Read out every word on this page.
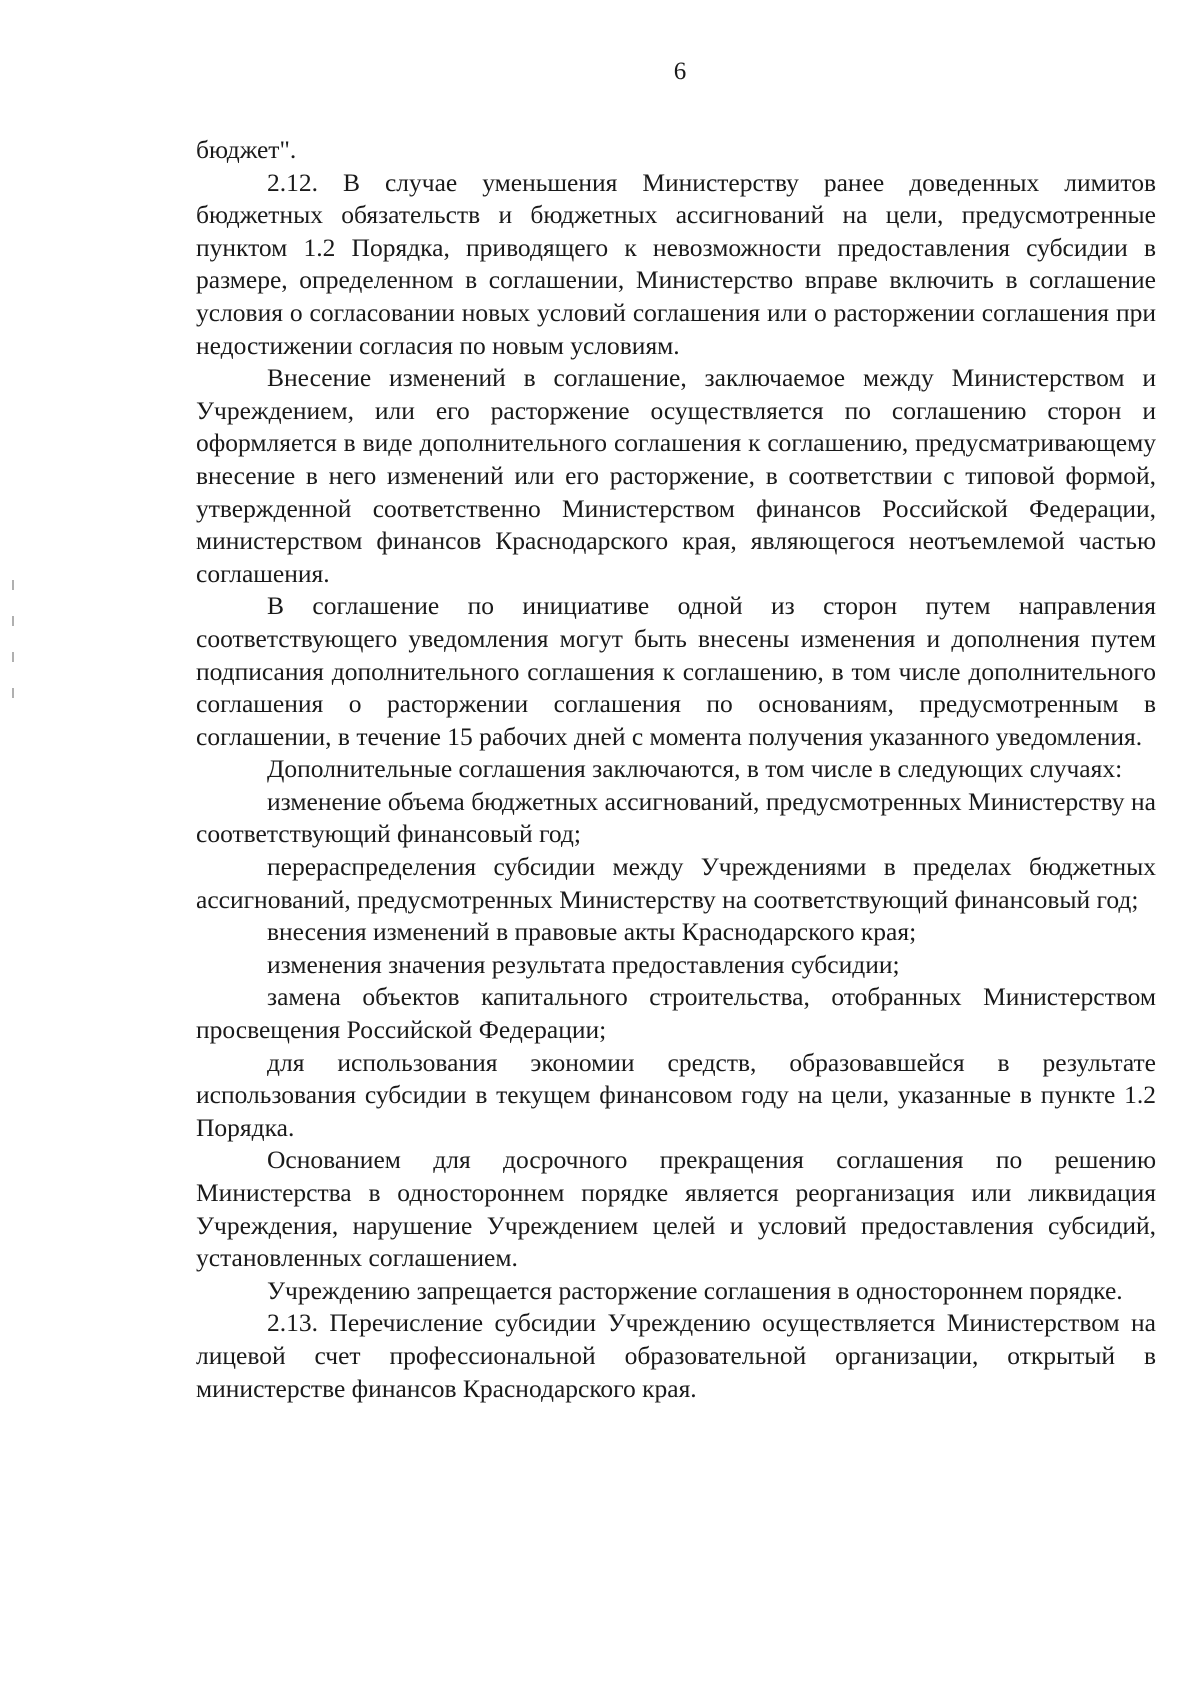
6

бюджет".

2.12. В случае уменьшения Министерству ранее доведенных лимитов бюджетных обязательств и бюджетных ассигнований на цели, предусмотренные пунктом 1.2 Порядка, приводящего к невозможности предоставления субсидии в размере, определенном в соглашении, Министерство вправе включить в соглашение условия о согласовании новых условий соглашения или о расторжении соглашения при недостижении согласия по новым условиям.

Внесение изменений в соглашение, заключаемое между Министерством и Учреждением, или его расторжение осуществляется по соглашению сторон и оформляется в виде дополнительного соглашения к соглашению, предусматривающему внесение в него изменений или его расторжение, в соответствии с типовой формой, утвержденной соответственно Министерством финансов Российской Федерации, министерством финансов Краснодарского края, являющегося неотъемлемой частью соглашения.

В соглашение по инициативе одной из сторон путем направления соответствующего уведомления могут быть внесены изменения и дополнения путем подписания дополнительного соглашения к соглашению, в том числе дополнительного соглашения о расторжении соглашения по основаниям, предусмотренным в соглашении, в течение 15 рабочих дней с момента получения указанного уведомления.

Дополнительные соглашения заключаются, в том числе в следующих случаях:

изменение объема бюджетных ассигнований, предусмотренных Министерству на соответствующий финансовый год;

перераспределения субсидии между Учреждениями в пределах бюджетных ассигнований, предусмотренных Министерству на соответствующий финансовый год;

внесения изменений в правовые акты Краснодарского края;

изменения значения результата предоставления субсидии;

замена объектов капитального строительства, отобранных Министерством просвещения Российской Федерации;

для использования экономии средств, образовавшейся в результате использования субсидии в текущем финансовом году на цели, указанные в пункте 1.2 Порядка.

Основанием для досрочного прекращения соглашения по решению Министерства в одностороннем порядке является реорганизация или ликвидация Учреждения, нарушение Учреждением целей и условий предоставления субсидий, установленных соглашением.

Учреждению запрещается расторжение соглашения в одностороннем порядке.

2.13. Перечисление субсидии Учреждению осуществляется Министерством на лицевой счет профессиональной образовательной организации, открытый в министерстве финансов Краснодарского края.
